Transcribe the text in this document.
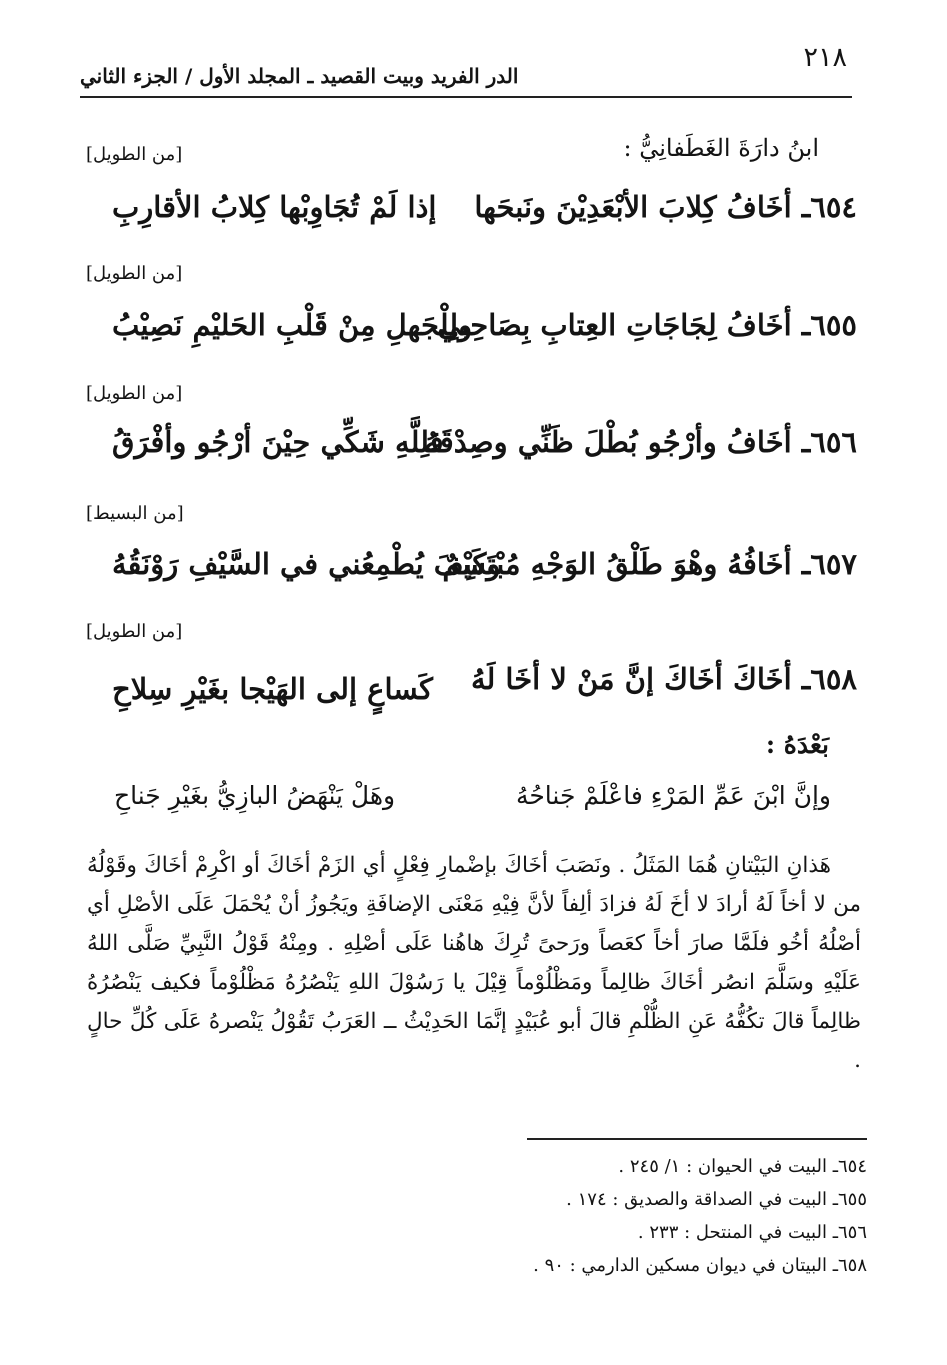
٢١٨
الدر الفريد وبيت القصيد ـ المجلد الأول / الجزء الثاني
ابنُ دارَةَ الغَطَفانِيُّ :
[من الطويل]
٦٥٤ـ أخَافُ كِلابَ الأبْعَدِيْنَ ونَبحَها
إذا لَمْ تُجَاوِبْها كِلابُ الأقارِبِ
[من الطويل]
٦٥٥ـ أخَافُ لِجَاجَاتِ العِتابِ بِصَاحِبي
ولِلْجَهلِ مِنْ قَلْبِ الحَليْمِ نَصِيْبُ
[من الطويل]
٦٥٦ـ أخَافُ وأرْجُو بُطْلَ ظَنِّي وصِدْقَهُ
فلِلَّهِ شَكِّي حِيْنَ أرْجُو وأفْرَقُ
[من البسيط]
٦٥٧ـ أخَافُهُ وهْوَ طَلْقُ الوَجْهِ مُبْتَسِمٌ
وكَيْفَ يُطْمِعُني في السَّيْفِ رَوْنَقُهُ
[من الطويل]
٦٥٨ـ أخَاكَ أخَاكَ إنَّ مَنْ لا أخَا لَهُ
كَساعٍ إلى الهَيْجا بغَيْرِ سِلاحِ
بَعْدَهُ :
وإنَّ ابْنَ عَمِّ المَرْءِ فاعْلَمْ جَناحُهُ
وهَلْ يَنْهَضُ البازِيُّ بغَيْرِ جَناحِ

هَذانِ البَيْتانِ هُمَا المَثَلُ . ونَصَبَ أخَاكَ بإضْمارِ فِعْلٍ أي الزَمْ أخَاكَ أو اكْرِمْ أخَاكَ وقَوْلُهُ من لا أخاً لَهُ أرادَ لا أخَ لَهُ فزادَ ألِفاً لأنَّ فِيْهِ مَعْنَى الإضافَةِ ويَجُوزُ أنْ يُحْمَلَ عَلَى الأصْلِ أي أصْلُهُ أخُو فلَمَّا صارَ أخاً كعَصاً ورَحىً تُرِكَ هاهُنا عَلَى أصْلِهِ . ومِنْهُ قَوْلُ النَّبِيِّ صَلَّى اللهُ عَلَيْهِ وسَلَّمَ انصُر أخَاكَ ظالِماً ومَظْلُوْماً قِيْلَ يا رَسُوْلَ اللهِ يَنْصُرُهُ مَظْلُوْماً فكيف يَنْصُرُهُ ظالِماً قالَ تكُفُّهُ عَنِ الظُّلْمِ قالَ أبو عُبَيْدٍ إنَّمَا الحَدِيْثُ ــ العَرَبُ تَقُوْلُ يَنْصرهُ عَلَى كُلِّ حالٍ .

٦٥٤ـ البيت في الحيوان : ١/ ٢٤٥ .
٦٥٥ـ البيت في الصداقة والصديق : ١٧٤ .
٦٥٦ـ البيت في المنتحل : ٢٣٣ .
٦٥٨ـ البيتان في ديوان مسكين الدارمي : ٩٠ .
